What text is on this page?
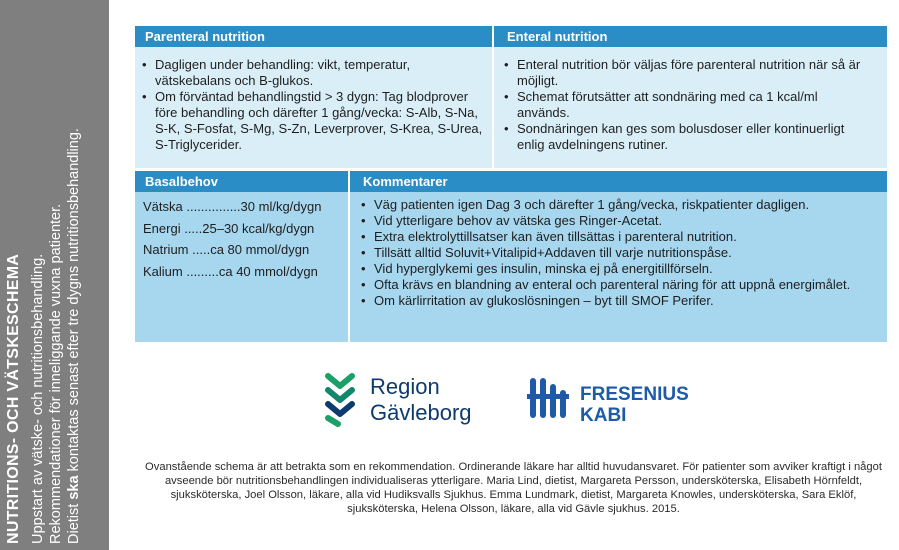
NUTRITIONS- OCH VÄTSKESCHEMA Uppstart av vätske- och nutritionsbehandling. Rekommendationer för inneliggande vuxna patienter. Dietist ska kontaktas senast efter tre dygns nutritionsbehandling.
Parenteral nutrition	Enteral nutrition
• Dagligen under behandling: vikt, temperatur, vätskebalans och B-glukos.
• Om förväntad behandlingstid > 3 dygn: Tag blodprover före behandling och därefter 1 gång/vecka: S-Alb, S-Na, S-K, S-Fosfat, S-Mg, S-Zn, Leverprover, S-Krea, S-Urea, S-Triglycerider.
• Enteral nutrition bör väljas före parenteral nutrition när så är möjligt.
• Schemat förutsätter att sondnäring med ca 1 kcal/ml används.
• Sondnäringen kan ges som bolusdoser eller kontinuerligt enlig avdelningens rutiner.
Basalbehov	Kommentarer
Vätska ............... 30 ml/kg/dygn
Energi ..... 25–30 kcal/kg/dygn
Natrium ..... ca 80 mmol/dygn
Kalium ......... ca 40 mmol/dygn
• Väg patienten igen Dag 3 och därefter 1 gång/vecka, riskpatienter dagligen.
• Vid ytterligare behov av vätska ges Ringer-Acetat.
• Extra elektrolyttillsatser kan även tillsättas i parenteral nutrition.
• Tillsätt alltid Soluvit+Vitalipid+Addaven till varje nutritionspåse.
• Vid hyperglykemi ges insulin, minska ej på energitillförseln.
• Ofta krävs en blandning av enteral och parenteral näring för att uppnå energimålet.
• Om kärlirritation av glukoslösningen – byt till SMOF Perifer.
Region
Gävleborg
FRESENIUS
KABI
Ovanstående schema är att betrakta som en rekommendation. Ordinerande läkare har alltid huvudansvaret. För patienter som avviker kraftigt i något avseende bör nutritionsbehandlingen individualiseras ytterligare. Maria Lind, dietist, Margareta Persson, undersköterska, Elisabeth Hörnfeldt, sjuksköterska, Joel Olsson, läkare, alla vid Hudiksvalls Sjukhus. Emma Lundmark, dietist, Margareta Knowles, undersköterska, Sara Eklöf, sjuksköterska, Helena Olsson, läkare, alla vid Gävle sjukhus. 2015.
